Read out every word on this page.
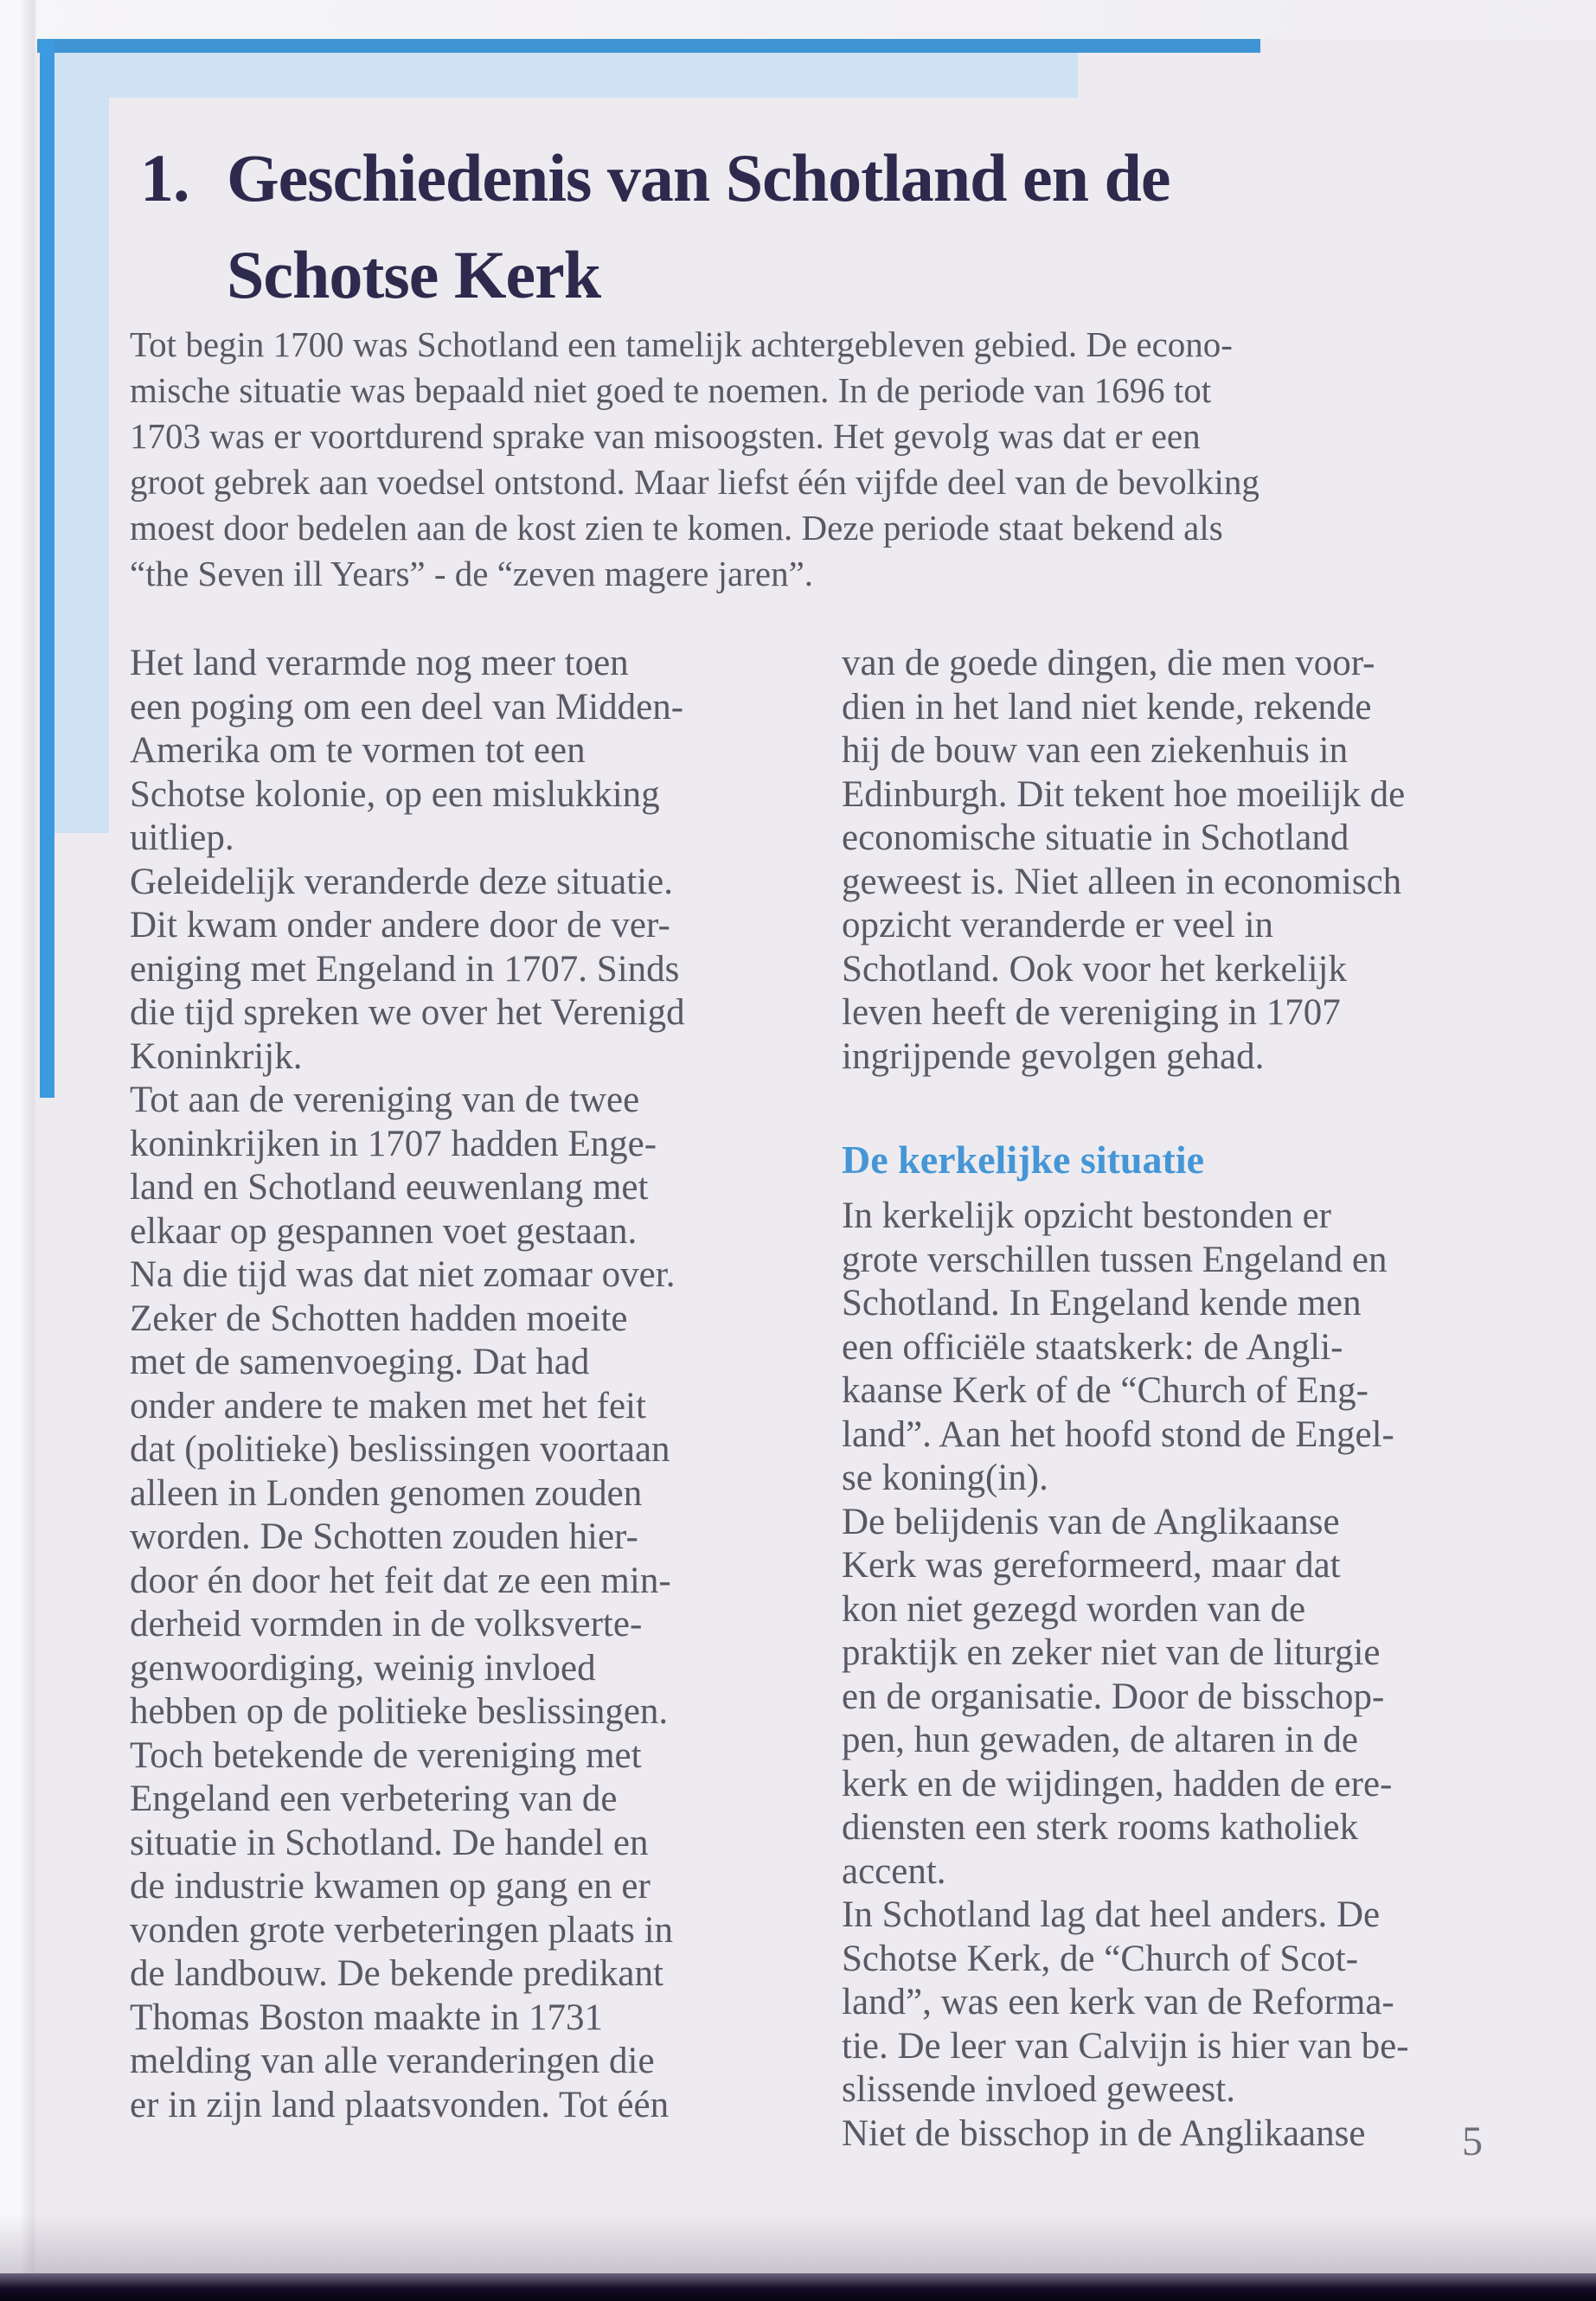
1. Geschiedenis van Schotland en de
Schotse Kerk
Tot begin 1700 was Schotland een tamelijk achtergebleven gebied. De econo-
mische situatie was bepaald niet goed te noemen. In de periode van 1696 tot
1703 was er voortdurend sprake van misoogsten. Het gevolg was dat er een
groot gebrek aan voedsel ontstond. Maar liefst één vijfde deel van de bevolking
moest door bedelen aan de kost zien te komen. Deze periode staat bekend als
“the Seven ill Years” - de “zeven magere jaren”.
Het land verarmde nog meer toen
een poging om een deel van Midden-
Amerika om te vormen tot een
Schotse kolonie, op een mislukking
uitliep.
Geleidelijk veranderde deze situatie.
Dit kwam onder andere door de ver-
eniging met Engeland in 1707. Sinds
die tijd spreken we over het Verenigd
Koninkrijk.
Tot aan de vereniging van de twee
koninkrijken in 1707 hadden Enge-
land en Schotland eeuwenlang met
elkaar op gespannen voet gestaan.
Na die tijd was dat niet zomaar over.
Zeker de Schotten hadden moeite
met de samenvoeging. Dat had
onder andere te maken met het feit
dat (politieke) beslissingen voortaan
alleen in Londen genomen zouden
worden. De Schotten zouden hier-
door én door het feit dat ze een min-
derheid vormden in de volksverte-
genwoordiging, weinig invloed
hebben op de politieke beslissingen.
Toch betekende de vereniging met
Engeland een verbetering van de
situatie in Schotland. De handel en
de industrie kwamen op gang en er
vonden grote verbeteringen plaats in
de landbouw. De bekende predikant
Thomas Boston maakte in 1731
melding van alle veranderingen die
er in zijn land plaatsvonden. Tot één
van de goede dingen, die men voor-
dien in het land niet kende, rekende
hij de bouw van een ziekenhuis in
Edinburgh. Dit tekent hoe moeilijk de
economische situatie in Schotland
geweest is. Niet alleen in economisch
opzicht veranderde er veel in
Schotland. Ook voor het kerkelijk
leven heeft de vereniging in 1707
ingrijpende gevolgen gehad.
De kerkelijke situatie
In kerkelijk opzicht bestonden er
grote verschillen tussen Engeland en
Schotland. In Engeland kende men
een officiële staatskerk: de Angli-
kaanse Kerk of de “Church of Eng-
land”. Aan het hoofd stond de Engel-
se koning(in).
De belijdenis van de Anglikaanse
Kerk was gereformeerd, maar dat
kon niet gezegd worden van de
praktijk en zeker niet van de liturgie
en de organisatie. Door de bisschop-
pen, hun gewaden, de altaren in de
kerk en de wijdingen, hadden de ere-
diensten een sterk rooms katholiek
accent.
In Schotland lag dat heel anders. De
Schotse Kerk, de “Church of Scot-
land”, was een kerk van de Reforma-
tie. De leer van Calvijn is hier van be-
slissende invloed geweest.
Niet de bisschop in de Anglikaanse	5
